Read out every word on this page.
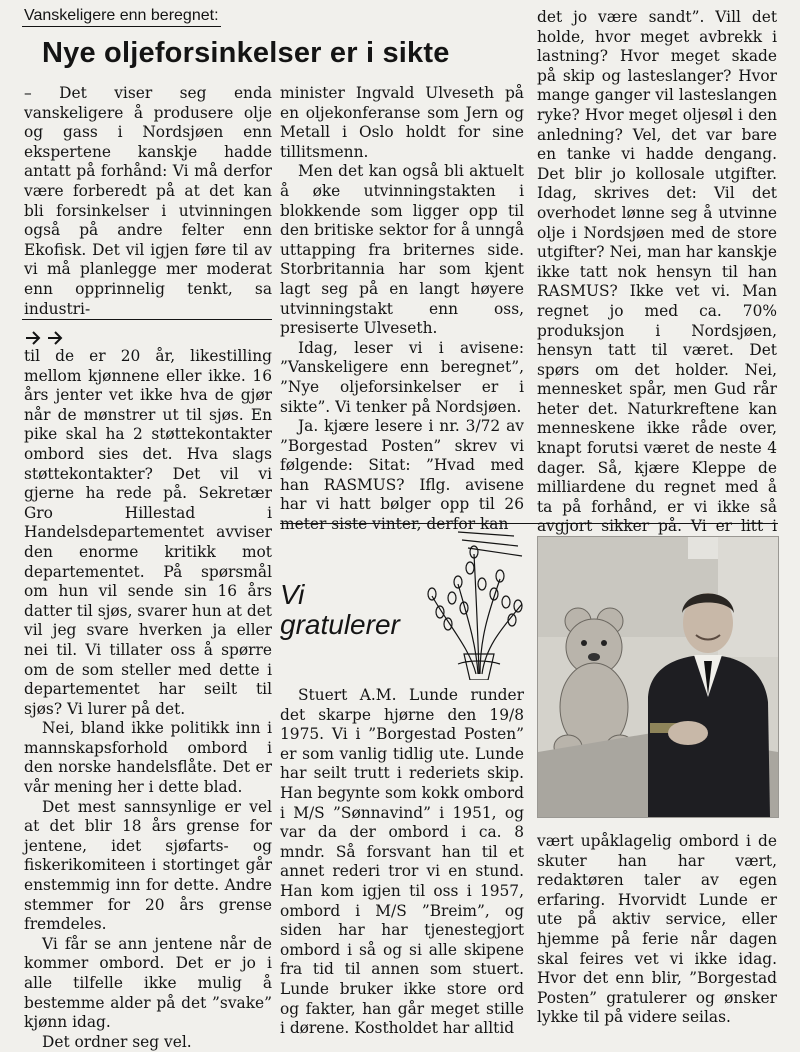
Vanskeligere enn beregnet:
Nye oljeforsinkelser er i sikte

– Det viser seg enda vanskeligere å produsere olje og gass i Nordsjøen enn ekspertene kanskje hadde antatt på forhånd: Vi må derfor være forberedt på at det kan bli forsinkelser i utvinningen også på andre felter enn Ekofisk. Det vil igjen føre til av vi må planlegge mer moderat enn opprinnelig tenkt, sa industri-

til de er 20 år, likestilling mellom kjønnene eller ikke. 16 års jenter vet ikke hva de gjør når de mønstrer ut til sjøs. En pike skal ha 2 støttekontakter ombord sies det. Hva slags støttekontakter? Det vil vi gjerne ha rede på. Sekretær Gro Hillestad i Handelsdepartementet avviser den enorme kritikk mot departementet. På spørsmål om hun vil sende sin 16 års datter til sjøs, svarer hun at det vil jeg svare hverken ja eller nei til. Vi tillater oss å spørre om de som steller med dette i departementet har seilt til sjøs? Vi lurer på det.

Nei, bland ikke politikk inn i mannskapsforhold ombord i den norske handelsflåte. Det er vår mening her i dette blad.

Det mest sannsynlige er vel at det blir 18 års grense for jentene, idet sjøfarts- og fiskerikomiteen i stortinget går enstemmig inn for dette. Andre stemmer for 20 års grense fremdeles.

Vi får se ann jentene når de kommer ombord. Det er jo i alle tilfelle ikke mulig å bestemme alder på det ”svake” kjønn idag.

Det ordner seg vel.

minister Ingvald Ulveseth på en oljekonferanse som Jern og Metall i Oslo holdt for sine tillitsmenn.

Men det kan også bli aktuelt å øke utvinningstakten i blokkende som ligger opp til den britiske sektor for å unngå uttapping fra briternes side. Storbritannia har som kjent lagt seg på en langt høyere utvinningstakt enn oss, presiserte Ulveseth.

Idag, leser vi i avisene: ”Vanskeligere enn beregnet”, ”Nye oljeforsinkelser er i sikte”. Vi tenker på Nordsjøen.

Ja. kjære lesere i nr. 3/72 av ”Borgestad Posten” skrev vi følgende: Sitat: ”Hvad med han RASMUS? Iflg. avisene har vi hatt bølger opp til 26 meter siste vinter, derfor kan

det jo være sandt”. Vill det holde, hvor meget avbrekk i lastning? Hvor meget skade på skip og lasteslanger? Hvor mange ganger vil lasteslangen ryke? Hvor meget oljesøl i den anledning? Vel, det var bare en tanke vi hadde dengang. Det blir jo kollosale utgifter. Idag, skrives det: Vil det overhodet lønne seg å utvinne olje i Nordsjøen med de store utgifter? Nei, man har kanskje ikke tatt nok hensyn til han RASMUS? Ikke vet vi. Man regnet jo med ca. 70% produksjon i Nordsjøen, hensyn tatt til været. Det spørs om det holder. Nei, mennesket spår, men Gud rår heter det. Naturkreftene kan menneskene ikke råde over, knapt forutsi været de neste 4 dager. Så, kjære Kleppe de milliardene du regnet med å ta på forhånd, er vi ikke så avgjort sikker på. Vi er litt i

Vi
gratulerer

Stuert A.M. Lunde runder det skarpe hjørne den 19/8 1975. Vi i ”Borgestad Posten” er som vanlig tidlig ute. Lunde har seilt trutt i rederiets skip. Han begynte som kokk ombord i M/S ”Sønnavind” i 1951, og var da der ombord i ca. 8 mndr. Så forsvant han til et annet rederi tror vi en stund. Han kom igjen til oss i 1957, ombord i M/S ”Breim”, og siden har har tjenestegjort ombord i så og si alle skipene fra tid til annen som stuert. Lunde bruker ikke store ord og fakter, han går meget stille i dørene. Kostholdet har alltid

vært upåklagelig ombord i de skuter han har vært, redaktøren taler av egen erfaring. Hvorvidt Lunde er ute på aktiv service, eller hjemme på ferie når dagen skal feires vet vi ikke idag. Hvor det enn blir, ”Borgestad Posten” gratulerer og ønsker lykke til på videre seilas.
